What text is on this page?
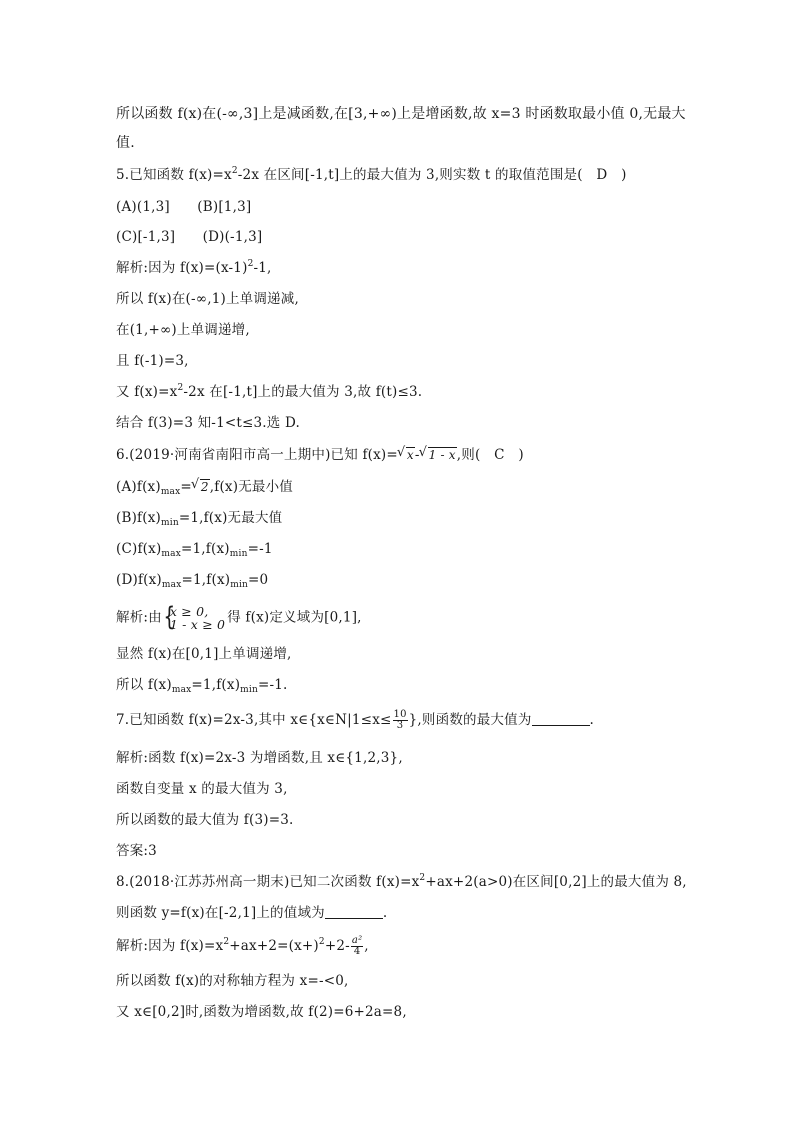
所以函数 f(x)在(-∞,3]上是减函数,在[3,+∞)上是增函数,故 x=3 时函数取最小值 0,无最大
值.
5.已知函数 $f(x)=x^2-2x$ 在区间[-1,t]上的最大值为 3,则实数 t 的取值范围是(　D　)
(A)(1,3]　　(B)[1,3]
(C)[-1,3]　　(D)(-1,3]
解析:因为 $f(x)=(x-1)^2-1$,
所以 f(x)在(-∞,1)上单调递减,
在(1,+∞)上单调递增,
且 f(-1)=3,
又 $f(x)=x^2-2x$ 在[-1,t]上的最大值为 3,故 f(t)≤3.
结合 f(3)=3 知-1<t≤3.选 D.
6.(2019·河南省南阳市高一上期中)已知 f(x)=√ x-√ 1 - x,则(　C　)
$(A)f(x)_{max}=√$ 2,f(x)无最小值
$(B)f(x)_{min}=1,f(x)$无最大值
$(C)f(x)_{max}=1,f(x)_{min}=-1$
$(D)f(x)_{max}=1,f(x)_{min}=0$
解析:由
{ x ≥ 0,
1 - x ≥ 0 得 f(x)定义域为[0,1],
显然 f(x)在[0,1]上单调递增,
所以 $f(x)_{max}=1,f(x)_{min}=-1$.
7.已知函数 f(x)=2x-3,其中 x∈{x∈N|1≤x≤ $\frac{10}{3}$ },则函数的最大值为	.
解析:函数 f(x)=2x-3 为增函数,且 x∈{1,2,3},
函数自变量 x 的最大值为 3,
所以函数的最大值为 f(3)=3.
答案:3
8.(2018·江苏苏州高一期末)已知二次函数 $f(x)=x^2+ax+2(a>0)$在区间[0,2]上的最大值为 8,
则函数 y=f(x)在[-2,1]上的值域为	.
解析:因为 $f(x)=x^2+ax+2=(x+)^2+2- \frac{\text{a²}}{4}$ ,
所以函数 f(x)的对称轴方程为 x=-<0,
又 x∈[0,2]时,函数为增函数,故 f(2)=6+2a=8,
